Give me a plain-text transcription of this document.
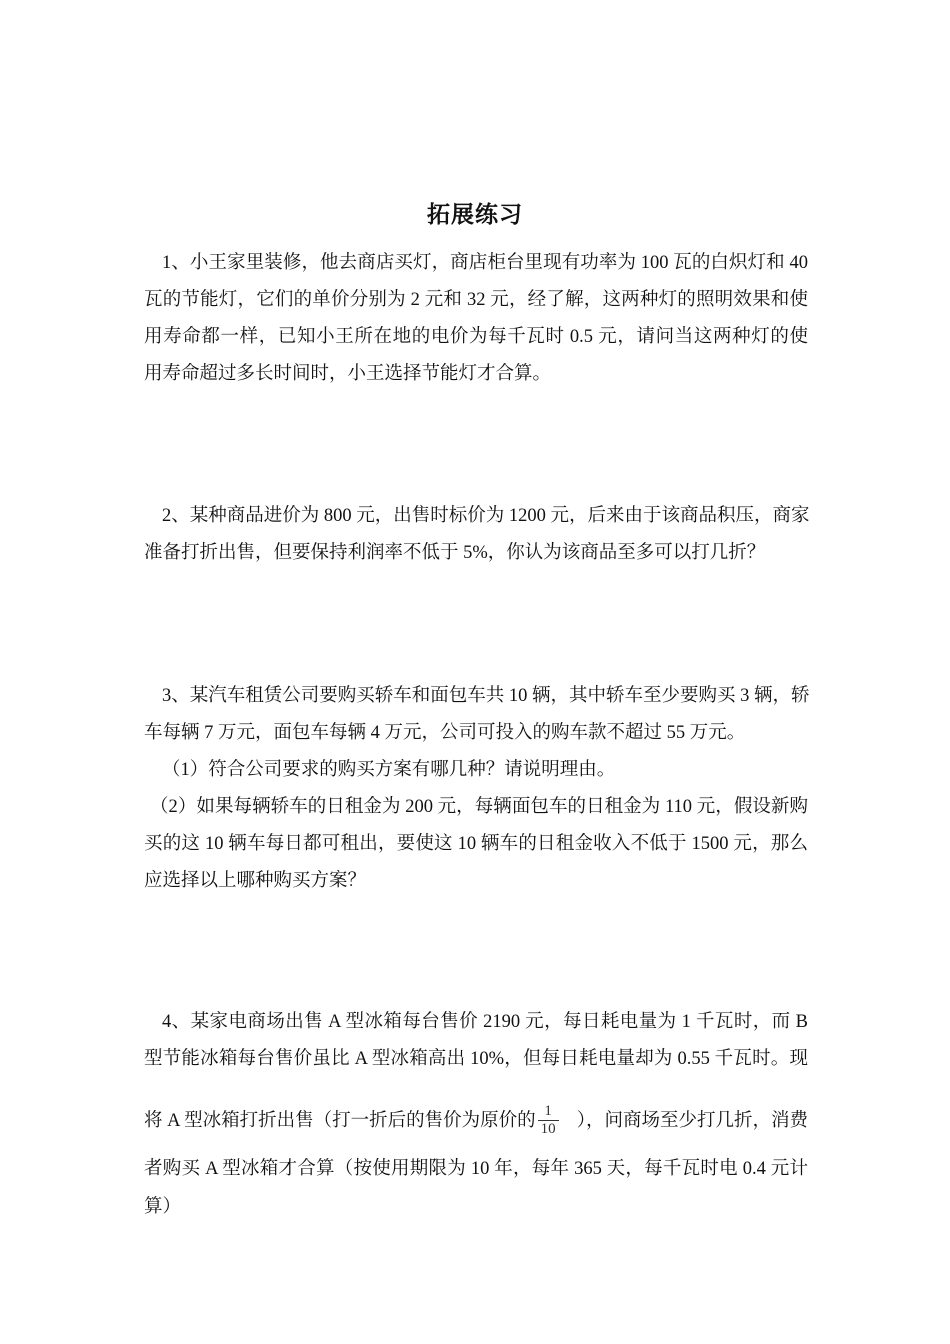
拓展练习
1、小王家里装修，他去商店买灯，商店柜台里现有功率为 100 瓦的白炽灯和 40
瓦的节能灯，它们的单价分别为 2 元和 32 元，经了解，这两种灯的照明效果和使
用寿命都一样，已知小王所在地的电价为每千瓦时 0.5 元，请问当这两种灯的使
用寿命超过多长时间时，小王选择节能灯才合算。
2、某种商品进价为 800 元，出售时标价为 1200 元，后来由于该商品积压，商家
准备打折出售，但要保持利润率不低于 5%，你认为该商品至多可以打几折？
3、某汽车租赁公司要购买轿车和面包车共 10 辆，其中轿车至少要购买 3 辆，轿
车每辆 7 万元，面包车每辆 4 万元，公司可投入的购车款不超过 55 万元。
（1）符合公司要求的购买方案有哪几种？请说明理由。
（2）如果每辆轿车的日租金为 200 元，每辆面包车的日租金为 110 元，假设新购
买的这 10 辆车每日都可租出，要使这 10 辆车的日租金收入不低于 1500 元，那么
应选择以上哪种购买方案？
4、某家电商场出售 A 型冰箱每台售价 2190 元，每日耗电量为 1 千瓦时，而 B
型节能冰箱每台售价虽比 A 型冰箱高出 10%，但每日耗电量却为 0.55 千瓦时。现
将 A 型冰箱打折出售（打一折后的售价为原价的 $\frac{1}{10}$ ），问商场至少打几折，消费
者购买 A 型冰箱才合算（按使用期限为 10 年，每年 365 天，每千瓦时电 0.4 元计
算）
